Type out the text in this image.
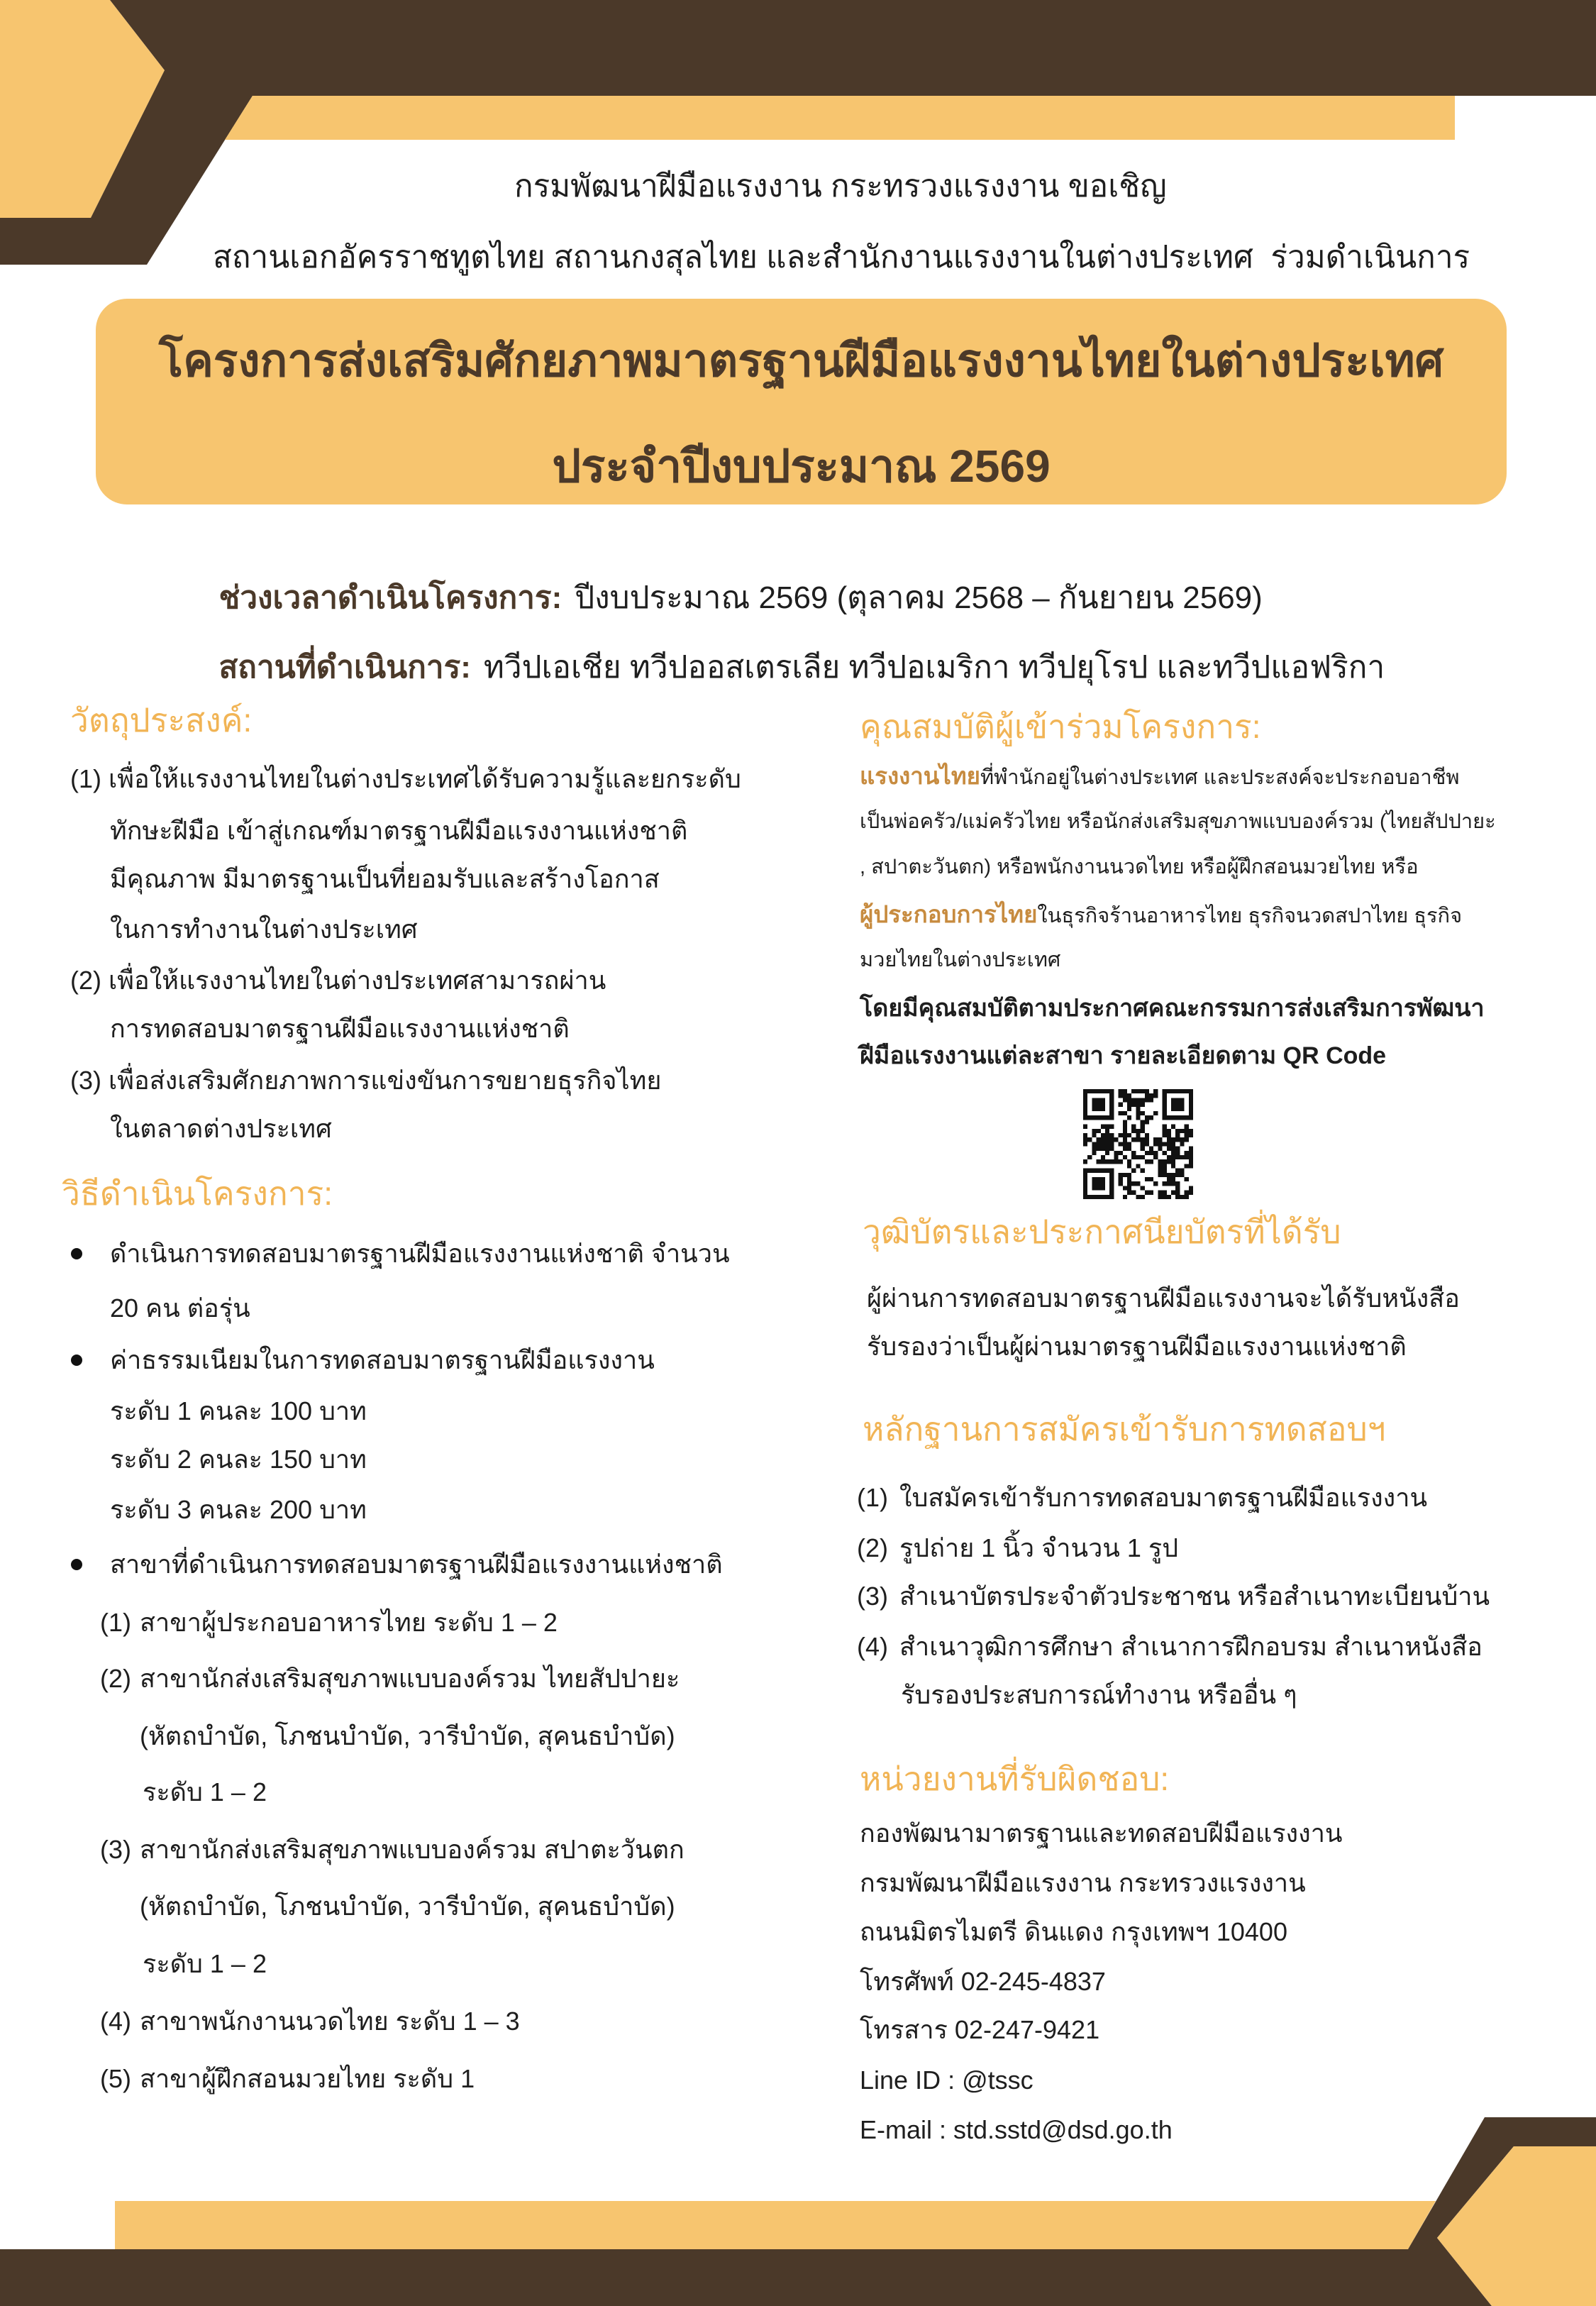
กรมพัฒนาฝีมือแรงงาน กระทรวงแรงงาน ขอเชิญ
สถานเอกอัครราชทูตไทย สถานกงสุลไทย และสำนักงานแรงงานในต่างประเทศ  ร่วมดำเนินการ
โครงการส่งเสริมศักยภาพมาตรฐานฝีมือแรงงานไทยในต่างประเทศ
ประจำปีงบประมาณ 2569

ช่วงเวลาดำเนินโครงการ: ปีงบประมาณ 2569 (ตุลาคม 2568 – กันยายน 2569)

สถานที่ดำเนินการ: ทวีปเอเชีย ทวีปออสเตรเลีย ทวีปอเมริกา ทวีปยุโรป และทวีปแอฟริกา

วัตถุประสงค์:
(1) เพื่อให้แรงงานไทยในต่างประเทศได้รับความรู้และยกระดับ
ทักษะฝีมือ เข้าสู่เกณฑ์มาตรฐานฝีมือแรงงานแห่งชาติ
มีคุณภาพ มีมาตรฐานเป็นที่ยอมรับและสร้างโอกาส
ในการทำงานในต่างประเทศ
(2) เพื่อให้แรงงานไทยในต่างประเทศสามารถผ่าน
การทดสอบมาตรฐานฝีมือแรงงานแห่งชาติ
(3) เพื่อส่งเสริมศักยภาพการแข่งขันการขยายธุรกิจไทย
ในตลาดต่างประเทศ
วิธีดำเนินโครงการ:
ดำเนินการทดสอบมาตรฐานฝีมือแรงงานแห่งชาติ จำนวน
20 คน ต่อรุ่น
ค่าธรรมเนียมในการทดสอบมาตรฐานฝีมือแรงงาน
ระดับ 1 คนละ 100 บาท
ระดับ 2 คนละ 150 บาท
ระดับ 3 คนละ 200 บาท
สาขาที่ดำเนินการทดสอบมาตรฐานฝีมือแรงงานแห่งชาติ
(1) สาขาผู้ประกอบอาหารไทย ระดับ 1 – 2
(2) สาขานักส่งเสริมสุขภาพแบบองค์รวม ไทยสัปปายะ
(หัตถบำบัด, โภชนบำบัด, วารีบำบัด, สุคนธบำบัด)
ระดับ 1 – 2
(3) สาขานักส่งเสริมสุขภาพแบบองค์รวม สปาตะวันตก
(หัตถบำบัด, โภชนบำบัด, วารีบำบัด, สุคนธบำบัด)
ระดับ 1 – 2
(4) สาขาพนักงานนวดไทย ระดับ 1 – 3
(5) สาขาผู้ฝึกสอนมวยไทย ระดับ 1
คุณสมบัติผู้เข้าร่วมโครงการ:
แรงงานไทยที่พำนักอยู่ในต่างประเทศ และประสงค์จะประกอบอาชีพ
เป็นพ่อครัว/แม่ครัวไทย หรือนักส่งเสริมสุขภาพแบบองค์รวม (ไทยสัปปายะ
, สปาตะวันตก) หรือพนักงานนวดไทย หรือผู้ฝึกสอนมวยไทย หรือ
ผู้ประกอบการไทยในธุรกิจร้านอาหารไทย ธุรกิจนวดสปาไทย ธุรกิจ
มวยไทยในต่างประเทศ
โดยมีคุณสมบัติตามประกาศคณะกรรมการส่งเสริมการพัฒนา
ฝีมือแรงงานแต่ละสาขา รายละเอียดตาม QR Code
วุฒิบัตรและประกาศนียบัตรที่ได้รับ
ผู้ผ่านการทดสอบมาตรฐานฝีมือแรงงานจะได้รับหนังสือ
รับรองว่าเป็นผู้ผ่านมาตรฐานฝีมือแรงงานแห่งชาติ
หลักฐานการสมัครเข้ารับการทดสอบฯ
(1) ใบสมัครเข้ารับการทดสอบมาตรฐานฝีมือแรงงาน
(2) รูปถ่าย 1 นิ้ว จำนวน 1 รูป
(3) สำเนาบัตรประจำตัวประชาชน หรือสำเนาทะเบียนบ้าน
(4) สำเนาวุฒิการศึกษา สำเนาการฝึกอบรม สำเนาหนังสือ
รับรองประสบการณ์ทำงาน หรืออื่น ๆ
หน่วยงานที่รับผิดชอบ:
กองพัฒนามาตรฐานและทดสอบฝีมือแรงงาน
กรมพัฒนาฝีมือแรงงาน กระทรวงแรงงาน
ถนนมิตรไมตรี ดินแดง กรุงเทพฯ 10400
โทรศัพท์ 02-245-4837
โทรสาร 02-247-9421
Line ID : @tssc
E-mail : std.sstd@dsd.go.th
